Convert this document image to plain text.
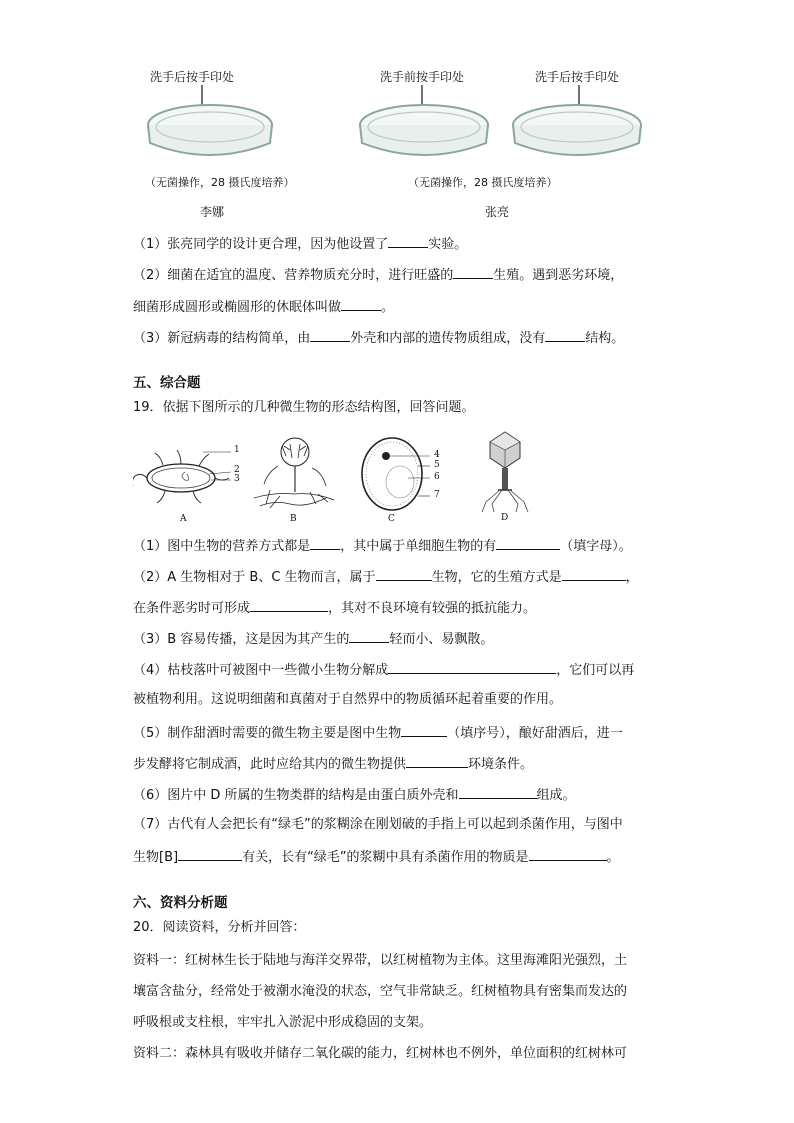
洗手后按手印处
（无菌操作，28 摄氏度培养）
李娜
洗手前按手印处	洗手后按手印处
（无菌操作，28 摄氏度培养）
张亮
（1）张亮同学的设计更合理，因为他设置了	实验。
（2）细菌在适宜的温度、营养物质充分时，进行旺盛的	生殖。遇到恶劣环境，
细菌形成圆形或椭圆形的休眠体叫做	。
（3）新冠病毒的结构简单，由	外壳和内部的遗传物质组成，没有	结构。
五、综合题
19．依据下图所示的几种微生物的形态结构图，回答问题。
1
2
3
A	B
4
5
6
7
C	D
（1）图中生物的营养方式都是 ，其中属于单细胞生物的有	（填字母）。
（2）A 生物相对于 B、C 生物而言，属于	生物，它的生殖方式是	，
在条件恶劣时可形成	，其对不良环境有较强的抵抗能力。
（3）B 容易传播，这是因为其产生的	轻而小、易飘散。
（4）枯枝落叶可被图中一些微小生物分解成	，它们可以再
被植物利用。这说明细菌和真菌对于自然界中的物质循环起着重要的作用。
（5）制作甜酒时需要的微生物主要是图中生物	（填序号），酿好甜酒后，进一
步发酵将它制成酒，此时应给其内的微生物提供	环境条件。
（6）图片中 D 所属的生物类群的结构是由蛋白质外壳和	组成。
（7）古代有人会把长有“绿毛”的浆糊涂在刚划破的手指上可以起到杀菌作用，与图中
生物[B]	有关，长有“绿毛”的浆糊中具有杀菌作用的物质是	。
六、资料分析题
20．阅读资料，分析并回答：
资料一：红树林生长于陆地与海洋交界带，以红树植物为主体。这里海滩阳光强烈，土
壤富含盐分，经常处于被潮水淹没的状态，空气非常缺乏。红树植物具有密集而发达的
呼吸根或支柱根，牢牢扎入淤泥中形成稳固的支架。
资料二：森林具有吸收并储存二氧化碳的能力，红树林也不例外，单位面积的红树林可
